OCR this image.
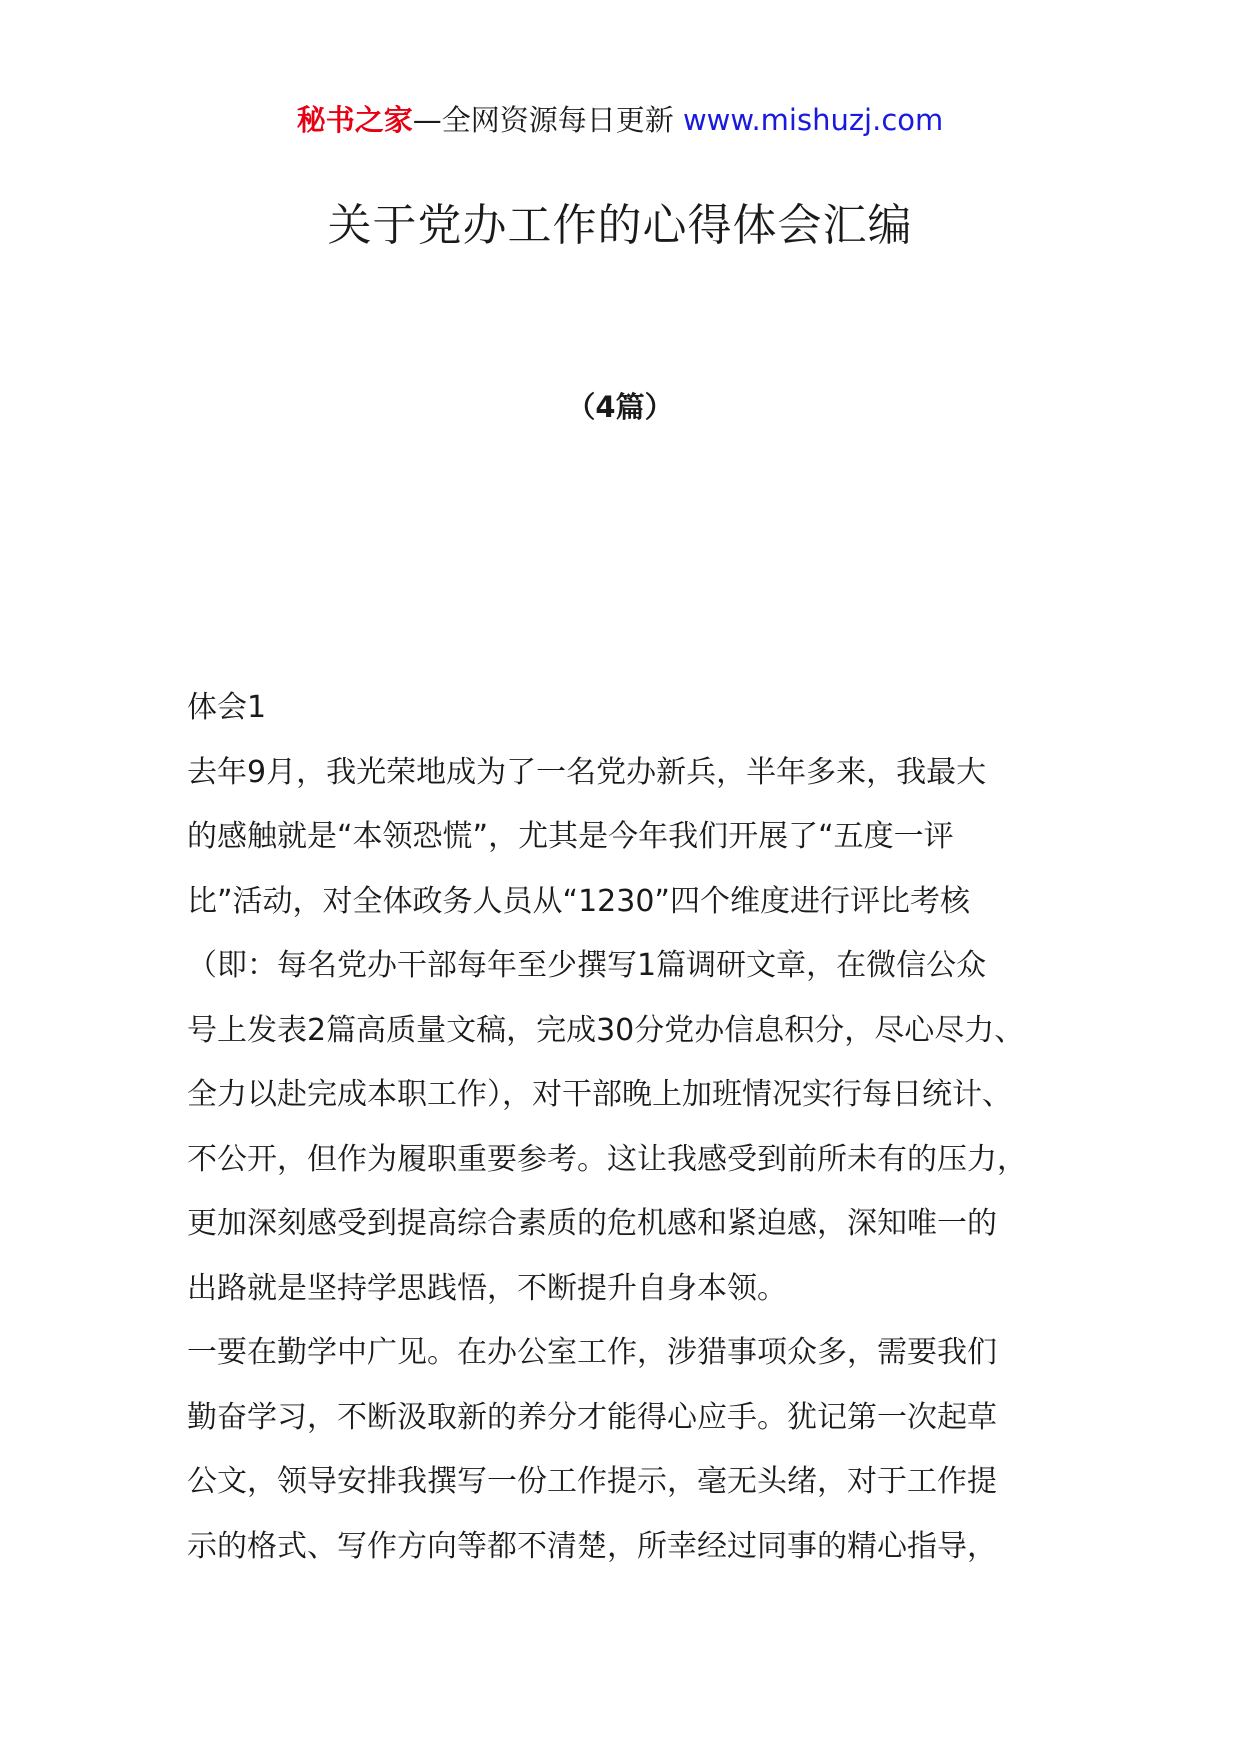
秘书之家—全网资源每日更新 www.mishuzj.com
关于党办工作的心得体会汇编
（4篇）
体会1
去年9月，我光荣地成为了一名党办新兵，半年多来，我最大
的感触就是“本领恐慌”，尤其是今年我们开展了“五度一评
比”活动，对全体政务人员从“1230”四个维度进行评比考核
（即：每名党办干部每年至少撰写1篇调研文章，在微信公众
号上发表2篇高质量文稿，完成30分党办信息积分，尽心尽力、
全力以赴完成本职工作），对干部晚上加班情况实行每日统计、
不公开，但作为履职重要参考。这让我感受到前所未有的压力，
更加深刻感受到提高综合素质的危机感和紧迫感，深知唯一的
出路就是坚持学思践悟，不断提升自身本领。
一要在勤学中广见。在办公室工作，涉猎事项众多，需要我们
勤奋学习，不断汲取新的养分才能得心应手。犹记第一次起草
公文，领导安排我撰写一份工作提示，毫无头绪，对于工作提
示的格式、写作方向等都不清楚，所幸经过同事的精心指导，
